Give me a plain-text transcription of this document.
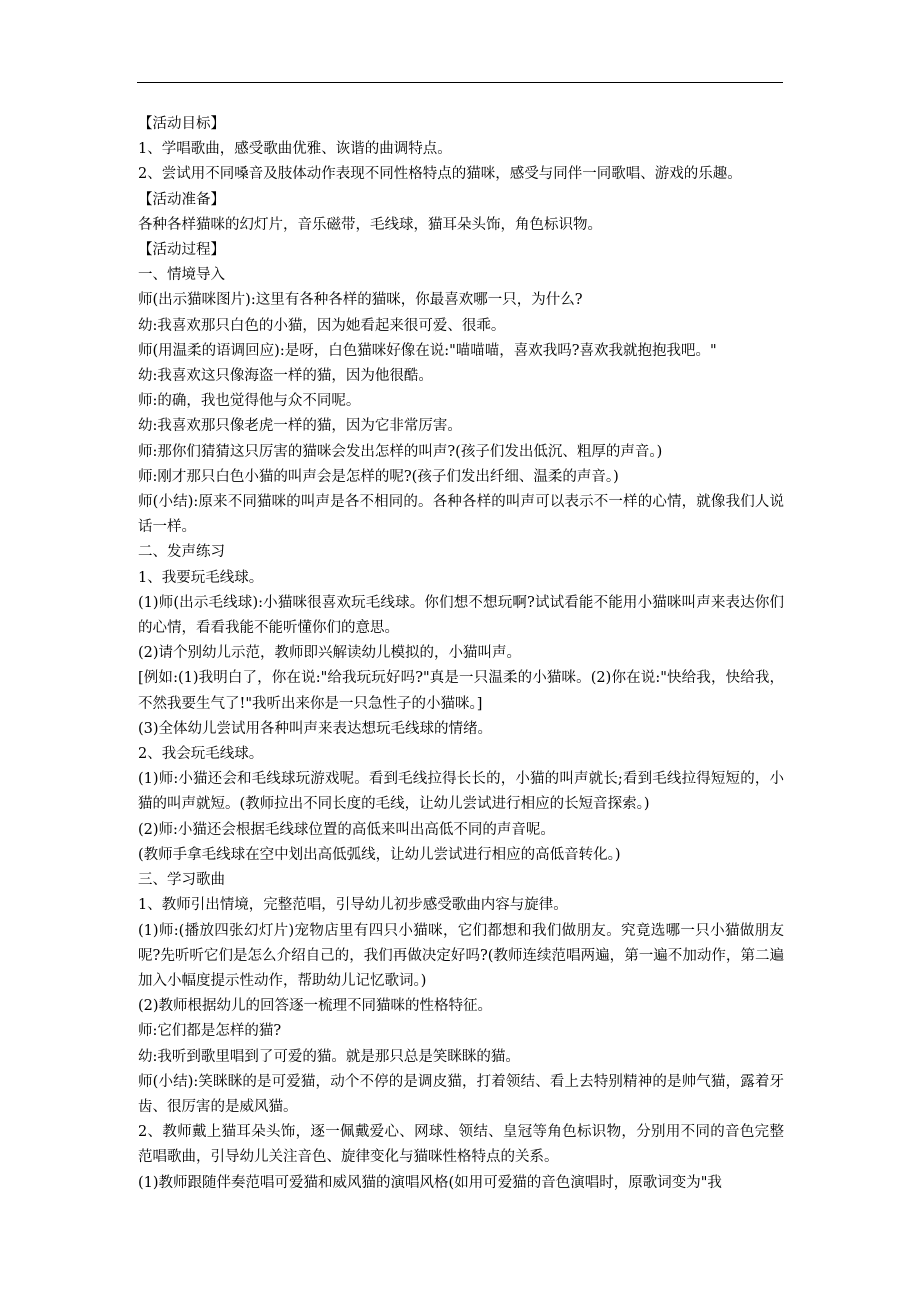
【活动目标】

1、学唱歌曲，感受歌曲优雅、诙谐的曲调特点。

2、尝试用不同嗓音及肢体动作表现不同性格特点的猫咪，感受与同伴一同歌唱、游戏的乐趣。

【活动准备】

各种各样猫咪的幻灯片，音乐磁带，毛线球，猫耳朵头饰，角色标识物。

【活动过程】

一、情境导入

师(出示猫咪图片):这里有各种各样的猫咪，你最喜欢哪一只，为什么?

幼:我喜欢那只白色的小猫，因为她看起来很可爱、很乖。

师(用温柔的语调回应):是呀，白色猫咪好像在说:"喵喵喵，喜欢我吗?喜欢我就抱抱我吧。"

幼:我喜欢这只像海盗一样的猫，因为他很酷。

师:的确，我也觉得他与众不同呢。

幼:我喜欢那只像老虎一样的猫，因为它非常厉害。

师:那你们猜猜这只厉害的猫咪会发出怎样的叫声?(孩子们发出低沉、粗厚的声音。)

师:刚才那只白色小猫的叫声会是怎样的呢?(孩子们发出纤细、温柔的声音。)

师(小结):原来不同猫咪的叫声是各不相同的。各种各样的叫声可以表示不一样的心情，就像我们人说话一样。

二、发声练习

1、我要玩毛线球。

(1)师(出示毛线球):小猫咪很喜欢玩毛线球。你们想不想玩啊?试试看能不能用小猫咪叫声来表达你们的心情，看看我能不能听懂你们的意思。

(2)请个别幼儿示范，教师即兴解读幼儿模拟的，小猫叫声。

[例如:(1)我明白了，你在说:"给我玩玩好吗?"真是一只温柔的小猫咪。(2)你在说:"快给我，快给我，不然我要生气了!"我听出来你是一只急性子的小猫咪。]

(3)全体幼儿尝试用各种叫声来表达想玩毛线球的情绪。

2、我会玩毛线球。

(1)师:小猫还会和毛线球玩游戏呢。看到毛线拉得长长的，小猫的叫声就长;看到毛线拉得短短的，小猫的叫声就短。(教师拉出不同长度的毛线，让幼儿尝试进行相应的长短音探索。)

(2)师:小猫还会根据毛线球位置的高低来叫出高低不同的声音呢。

(教师手拿毛线球在空中划出高低弧线，让幼儿尝试进行相应的高低音转化。)

三、学习歌曲

1、教师引出情境，完整范唱，引导幼儿初步感受歌曲内容与旋律。

(1)师:(播放四张幻灯片)宠物店里有四只小猫咪，它们都想和我们做朋友。究竟选哪一只小猫做朋友呢?先听听它们是怎么介绍自己的，我们再做决定好吗?(教师连续范唱两遍，第一遍不加动作，第二遍加入小幅度提示性动作，帮助幼儿记忆歌词。)

(2)教师根据幼儿的回答逐一梳理不同猫咪的性格特征。

师:它们都是怎样的猫?

幼:我听到歌里唱到了可爱的猫。就是那只总是笑眯眯的猫。

师(小结):笑眯眯的是可爱猫，动个不停的是调皮猫，打着领结、看上去特别精神的是帅气猫，露着牙齿、很厉害的是威风猫。

2、教师戴上猫耳朵头饰，逐一佩戴爱心、网球、领结、皇冠等角色标识物，分别用不同的音色完整范唱歌曲，引导幼儿关注音色、旋律变化与猫咪性格特点的关系。

(1)教师跟随伴奏范唱可爱猫和威风猫的演唱风格(如用可爱猫的音色演唱时，原歌词变为"我
